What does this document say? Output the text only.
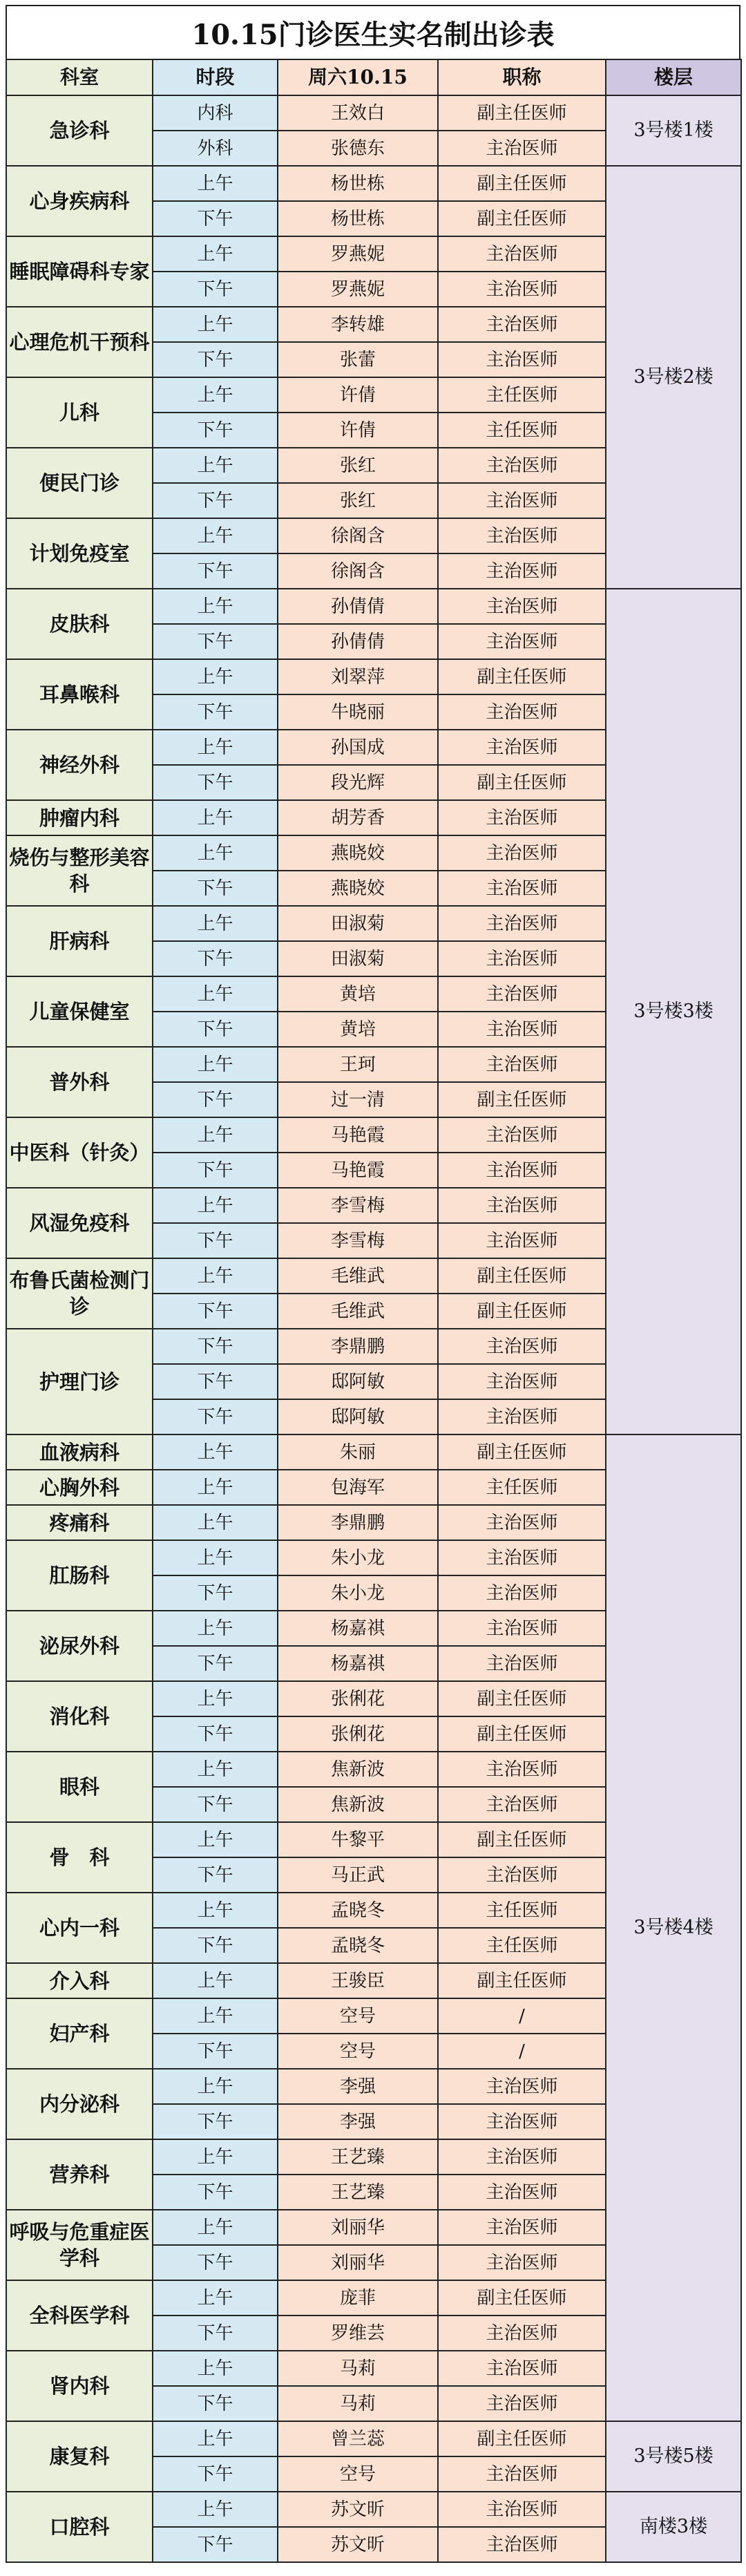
10.15门诊医生实名制出诊表
科室	时段	周六10.15	职称	楼层
急诊科	内科	王效白	副主任医师	3号楼1楼
	外科	张德东	主治医师	
心身疾病科	上午	杨世栋	副主任医师	3号楼2楼
	下午	杨世栋	副主任医师	
睡眠障碍科专家	上午	罗燕妮	主治医师	
	下午	罗燕妮	主治医师	
心理危机干预科	上午	李转雄	主治医师	
	下午	张蕾	主治医师	
儿科	上午	许倩	主任医师	
	下午	许倩	主任医师	
便民门诊	上午	张红	主治医师	
	下午	张红	主治医师	
计划免疫室	上午	徐阁含	主治医师	
	下午	徐阁含	主治医师	
皮肤科	上午	孙倩倩	主治医师	3号楼3楼
	下午	孙倩倩	主治医师	
耳鼻喉科	上午	刘翠萍	副主任医师	
	下午	牛晓丽	主治医师	
神经外科	上午	孙国成	主治医师	
	下午	段光辉	副主任医师	
肿瘤内科	上午	胡芳香	主治医师	
烧伤与整形美容科	上午	燕晓姣	主治医师	
	下午	燕晓姣	主治医师	
肝病科	上午	田淑菊	主治医师	
	下午	田淑菊	主治医师	
儿童保健室	上午	黄培	主治医师	
	下午	黄培	主治医师	
普外科	上午	王珂	主治医师	
	下午	过一清	副主任医师	
中医科（针灸）	上午	马艳霞	主治医师	
	下午	马艳霞	主治医师	
风湿免疫科	上午	李雪梅	主治医师	
	下午	李雪梅	主治医师	
布鲁氏菌检测门诊	上午	毛维武	副主任医师	
	下午	毛维武	副主任医师	
护理门诊	下午	李鼎鹏	主治医师	
	下午	邸阿敏	主治医师	
	下午	邸阿敏	主治医师	
血液病科	上午	朱丽	副主任医师	3号楼4楼
心胸外科	上午	包海军	主任医师	
疼痛科	上午	李鼎鹏	主治医师	
肛肠科	上午	朱小龙	主治医师	
	下午	朱小龙	主治医师	
泌尿外科	上午	杨嘉祺	主治医师	
	下午	杨嘉祺	主治医师	
消化科	上午	张俐花	副主任医师	
	下午	张俐花	副主任医师	
眼科	上午	焦新波	主治医师	
	下午	焦新波	主治医师	
骨　科	上午	牛黎平	副主任医师	
	下午	马正武	主治医师	
心内一科	上午	孟晓冬	主任医师	
	下午	孟晓冬	主任医师	
介入科	上午	王骏臣	副主任医师	
妇产科	上午	空号	/	
	下午	空号	/	
内分泌科	上午	李强	主治医师	
	下午	李强	主治医师	
营养科	上午	王艺臻	主治医师	
	下午	王艺臻	主治医师	
呼吸与危重症医学科	上午	刘丽华	主治医师	
	下午	刘丽华	主治医师	
全科医学科	上午	庞菲	副主任医师	
	下午	罗维芸	主治医师	
肾内科	上午	马莉	主治医师	
	下午	马莉	主治医师	
康复科	上午	曾兰蕊	副主任医师	3号楼5楼
	下午	空号	主治医师	
口腔科	上午	苏文昕	主治医师	南楼3楼
	下午	苏文昕	主治医师	
